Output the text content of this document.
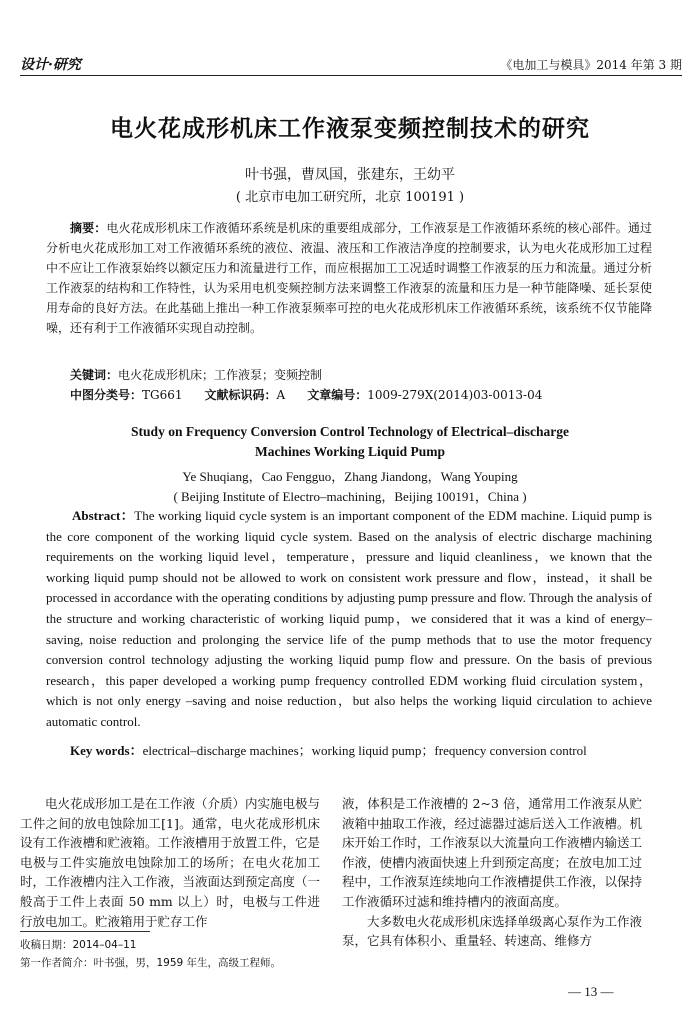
设计·研究	《电加工与模具》2014 年第 3 期
电火花成形机床工作液泵变频控制技术的研究
叶书强，曹凤国，张建东，王幼平
( 北京市电加工研究所，北京 100191 )
摘要：电火花成形机床工作液循环系统是机床的重要组成部分，工作液泵是工作液循环系统的核心部件。通过分析电火花成形加工对工作液循环系统的液位、液温、液压和工作液洁净度的控制要求，认为电火花成形加工过程中不应让工作液泵始终以额定压力和流量进行工作，而应根据加工工况适时调整工作液泵的压力和流量。通过分析工作液泵的结构和工作特性，认为采用电机变频控制方法来调整工作液泵的流量和压力是一种节能降噪、延长泵使用寿命的良好方法。在此基础上推出一种工作液泵频率可控的电火花成形机床工作液循环系统，该系统不仅节能降噪，还有利于工作液循环实现自动控制。
关键词：电火花成形机床；工作液泵；变频控制
中图分类号：TG661 文献标识码：A 文章编号：1009-279X(2014)03-0013-04
Study on Frequency Conversion Control Technology of Electrical–discharge
Machines Working Liquid Pump
Ye Shuqiang，Cao Fengguo，Zhang Jiandong，Wang Youping
( Beijing Institute of Electro–machining，Beijing 100191，China )
Abstract：The working liquid cycle system is an important component of the EDM machine. Liquid pump is the core component of the working liquid cycle system. Based on the analysis of electric discharge machining requirements on the working liquid level，temperature，pressure and liquid cleanliness，we known that the working liquid pump should not be allowed to work on consistent work pressure and flow，instead，it shall be processed in accordance with the operating conditions by adjusting pump pressure and flow. Through the analysis of the structure and working characteristic of working liquid pump，we considered that it was a kind of energy–saving, noise reduction and prolonging the service life of the pump methods that to use the motor frequency conversion control technology adjusting the working liquid pump flow and pressure. On the basis of previous research，this paper developed a working pump frequency controlled EDM working fluid circulation system，which is not only energy –saving and noise reduction，but also helps the working liquid circulation to achieve automatic control.
Key words：electrical–discharge machines；working liquid pump；frequency conversion control

电火花成形加工是在工作液（介质）内实施电极与工件之间的放电蚀除加工[1]。通常，电火花成形机床设有工作液槽和贮液箱。工作液槽用于放置工件，它是电极与工件实施放电蚀除加工的场所；在电火花加工时，工作液槽内注入工作液，当液面达到预定高度（一般高于工件上表面 50 mm 以上）时，电极与工件进行放电加工。贮液箱用于贮存工作

液，体积是工作液槽的 2~3 倍，通常用工作液泵从贮液箱中抽取工作液，经过滤器过滤后送入工作液槽。机床开始工作时，工作液泵以大流量向工作液槽内输送工作液，使槽内液面快速上升到预定高度；在放电加工过程中，工作液泵连续地向工作液槽提供工作液，以保持工作液循环过滤和维持槽内的液面高度。

大多数电火花成形机床选择单级离心泵作为工作液泵，它具有体积小、重量轻、转速高、维修方

收稿日期：2014–04–11
第一作者简介：叶书强，男，1959 年生，高级工程师。
— 13 —
